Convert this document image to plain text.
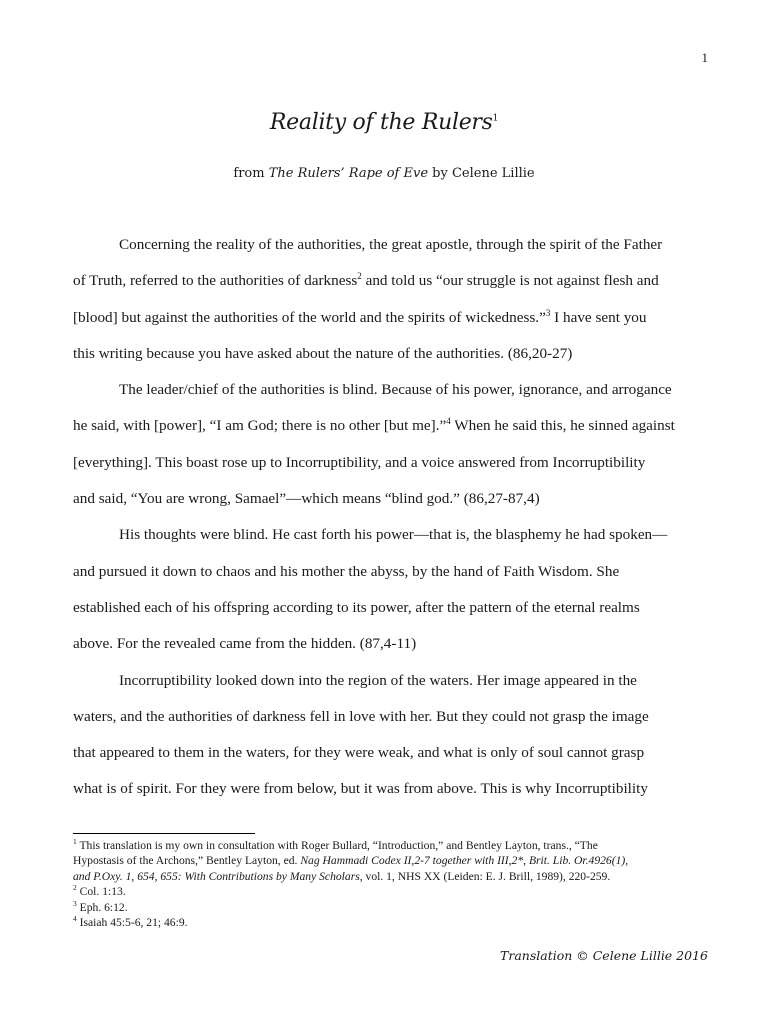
1
Reality of the Rulers$^1$
from The Rulers’ Rape of Eve by Celene Lillie
Concerning the reality of the authorities, the great apostle, through the spirit of the Father
of Truth, referred to the authorities of darkness$^2$ and told us “our struggle is not against flesh and
[blood] but against the authorities of the world and the spirits of wickedness.”$^3$ I have sent you
this writing because you have asked about the nature of the authorities. (86,20-27)
The leader/chief of the authorities is blind. Because of his power, ignorance, and arrogance
he said, with [power], “I am God; there is no other [but me].”$^4$ When he said this, he sinned against
[everything]. This boast rose up to Incorruptibility, and a voice answered from Incorruptibility
and said, “You are wrong, Samael”—which means “blind god.” (86,27-87,4)
His thoughts were blind. He cast forth his power—that is, the blasphemy he had spoken—
and pursued it down to chaos and his mother the abyss, by the hand of Faith Wisdom. She
established each of his offspring according to its power, after the pattern of the eternal realms
above. For the revealed came from the hidden. (87,4-11)
Incorruptibility looked down into the region of the waters. Her image appeared in the
waters, and the authorities of darkness fell in love with her. But they could not grasp the image
that appeared to them in the waters, for they were weak, and what is only of soul cannot grasp
what is of spirit. For they were from below, but it was from above. This is why Incorruptibility
$^1$ This translation is my own in consultation with Roger Bullard, “Introduction,” and Bentley Layton, trans., “The
Hypostasis of the Archons,” Bentley Layton, ed. Nag Hammadi Codex II,2-7 together with III,2*, Brit. Lib. Or.4926(1),
and P.Oxy. 1, 654, 655: With Contributions by Many Scholars, vol. 1, NHS XX (Leiden: E. J. Brill, 1989), 220-259.
$^2$ Col. 1:13.
$^3$ Eph. 6:12.
$^4$ Isaiah 45:5-6, 21; 46:9.
Translation © Celene Lillie 2016
